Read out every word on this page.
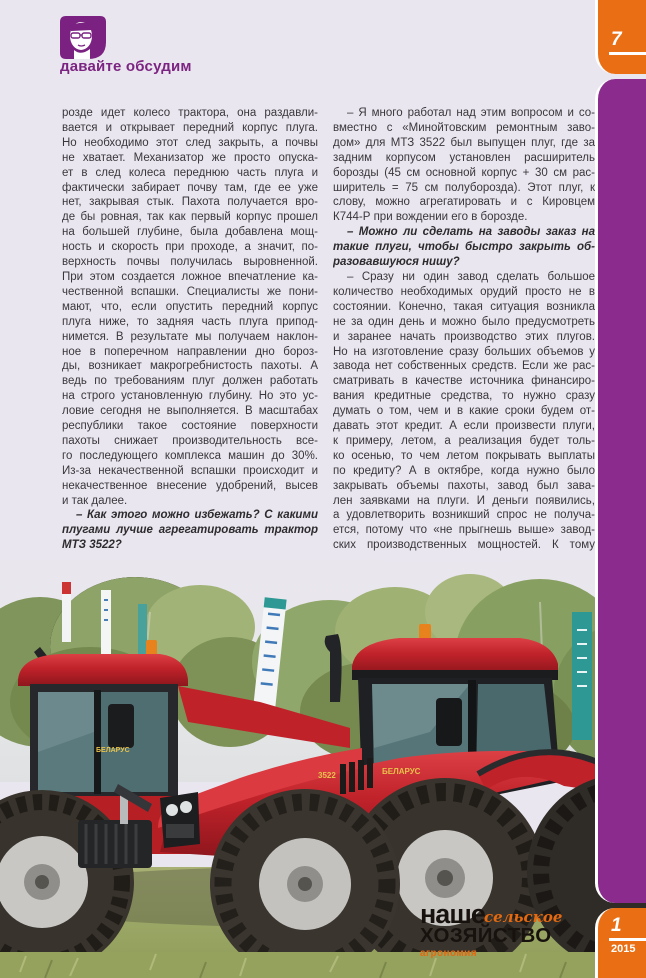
давайте обсудим
розде идет колесо трактора, она раздавли-
вается и открывает передний корпус плуга.
Но необходимо этот след закрыть, а почвы
не хватает. Механизатор же просто опуска-
ет в след колеса переднюю часть плуга и
фактически забирает почву там, где ее уже
нет, закрывая стык. Пахота получается вро-
де бы ровная, так как первый корпус прошел
на большей глубине, была добавлена мощ-
ность и скорость при проходе, а значит, по-
верхность почвы получилась выровненной.
При этом создается ложное впечатление ка-
чественной вспашки. Специалисты же пони-
мают, что, если опустить передний корпус
плуга ниже, то задняя часть плуга припод-
нимется. В результате мы получаем наклон-
ное в поперечном направлении дно бороз-
ды, возникает макрогребнистость пахоты. А
ведь по требованиям плуг должен работать
на строго установленную глубину. Но это ус-
ловие сегодня не выполняется. В масштабах
республики такое состояние поверхности
пахоты снижает производительность все-
го последующего комплекса машин до 30%.
Из-за некачественной вспашки происходит и
некачественное внесение удобрений, высев
и так далее.
– Как этого можно избежать? С какими
плугами лучше агрегатировать трактор
МТЗ 3522?
– Я много работал над этим вопросом и со-
вместно с «Минойтовским ремонтным заво-
дом» для МТЗ 3522 был выпущен плуг, где за
задним корпусом установлен расширитель
борозды (45 см основной корпус + 30 см рас-
ширитель = 75 см полуборозда). Этот плуг, к
слову, можно агрегатировать и с Кировцем
К744-Р при вождении его в борозде.
– Можно ли сделать на заводы заказ на
такие плуги, чтобы быстро закрыть об-
разовавшуюся нишу?
– Сразу ни один завод сделать большое
количество необходимых орудий просто не в
состоянии. Конечно, такая ситуация возникла
не за один день и можно было предусмотреть
и заранее начать производство этих плугов.
Но на изготовление сразу больших объемов у
завода нет собственных средств. Если же рас-
сматривать в качестве источника финансиро-
вания кредитные средства, то нужно сразу
думать о том, чем и в какие сроки будем от-
давать этот кредит. А если произвести плуги,
к примеру, летом, а реализация будет толь-
ко осенью, то чем летом покрывать выплаты
по кредиту? А в октябре, когда нужно было
закрывать объемы пахоты, завод был зава-
лен заявками на плуги. И деньги появились,
а удовлетворить возникший спрос не получа-
ется, потому что «не прыгнешь выше» завод-
ских производственных мощностей. К тому
БЕЛАРУС
3522	БЕЛАРУС
наше сельское
ХОЗЯЙСТВО
агрономия
7
1
2015
